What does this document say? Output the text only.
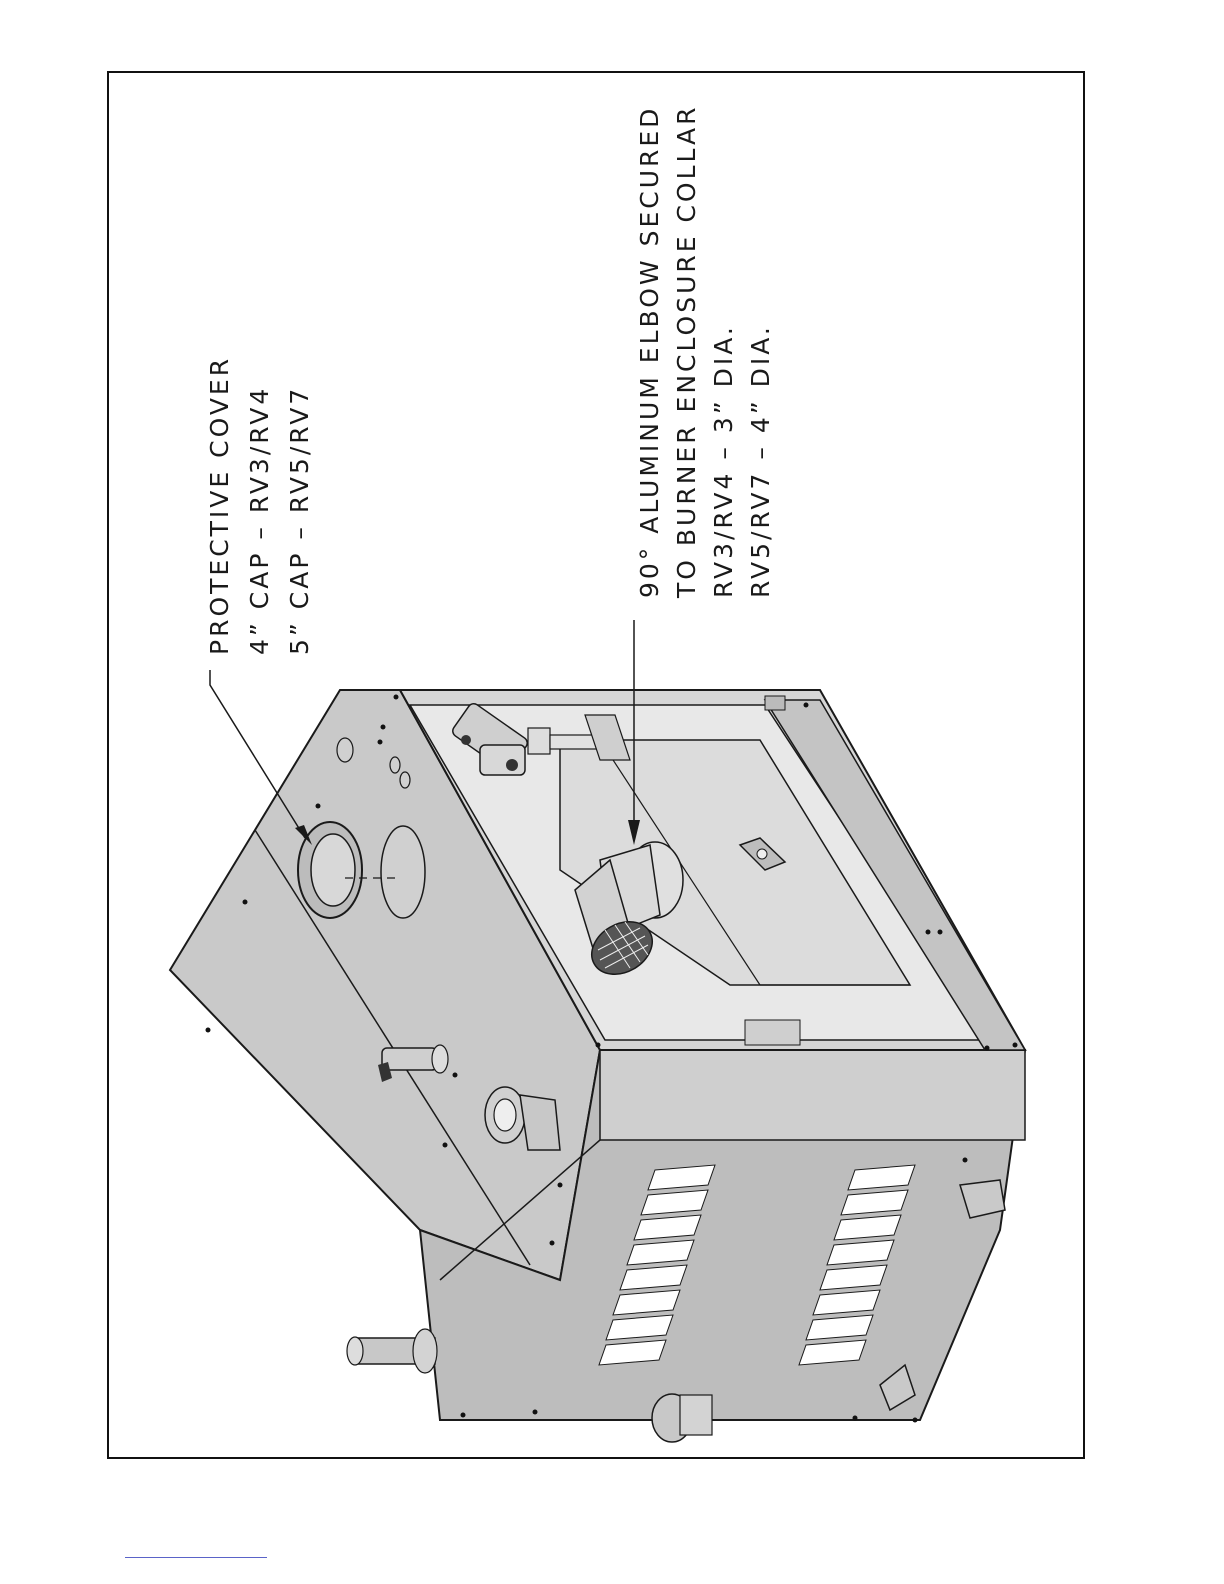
PROTECTIVE COVER 4” CAP – RV3/RV4 5” CAP – RV5/RV7	90° ALUMINUM ELBOW SECURED TO BURNER ENCLOSURE COLLAR RV3/RV4 – 3” DIA. RV5/RV7 – 4” DIA.
